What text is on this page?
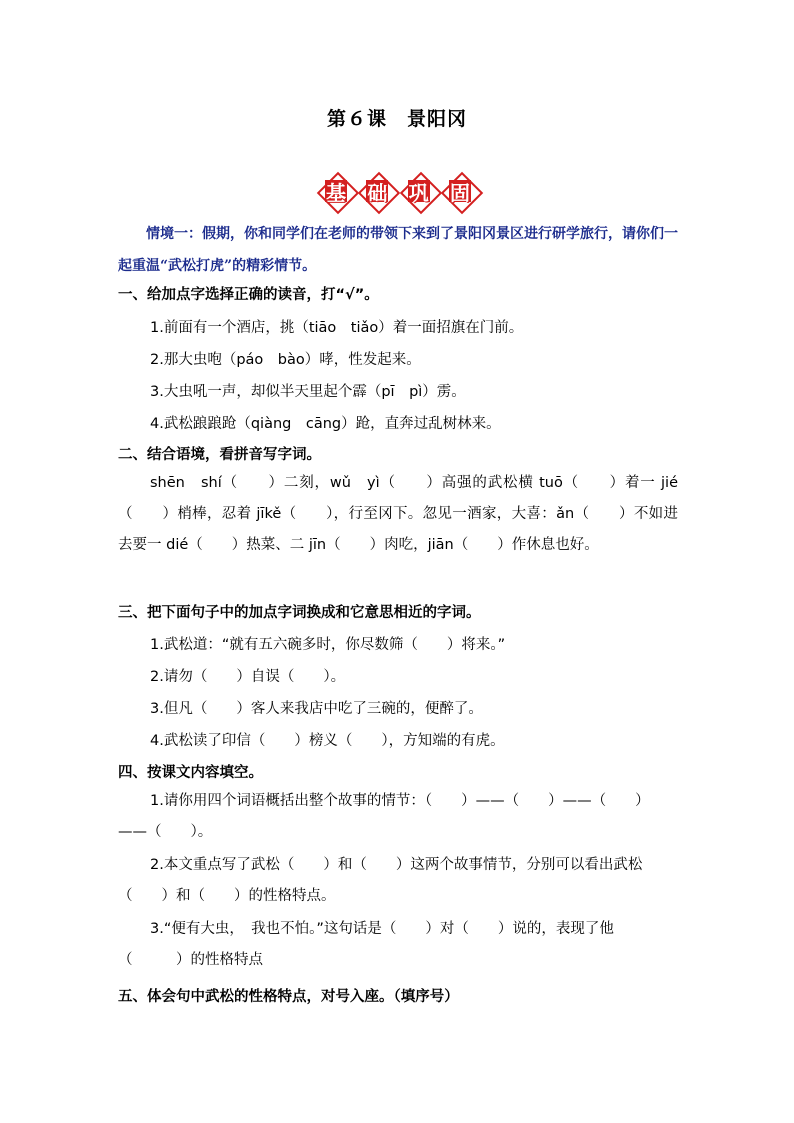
第６课　景阳冈
基 础 巩 固
情境一：假期，你和同学们在老师的带领下来到了景阳冈景区进行研学旅行，请你们一起重温“武松打虎”的精彩情节。
一、给加点字选择正确的读音，打“√”。
1.前面有一个酒店，挑（tiāo　tiǎo）着一面招旗在门前。
2.那大虫咆（páo　bào）哮，性发起来。
3.大虫吼一声，却似半天里起个霹（pī　pì）雳。
4.武松踉踉跄（qiàng　cāng）跄，直奔过乱树林来。
二、结合语境，看拼音写字词。
shēn　shí（　　）二刻，wǔ　yì（　　）高强的武松横 tuō（　　）着一 jié（　　）梢棒，忍着 jīkě（　　），行至冈下。忽见一酒家，大喜：ǎn（　　）不如进去要一 dié（　　）热菜、二 jīn（　　）肉吃，jiān（　　）作休息也好。
三、把下面句子中的加点字词换成和它意思相近的字词。
1.武松道：“就有五六碗多时，你尽数筛（　　）将来。”
2.请勿（　　）自误（　　）。
3.但凡（　　）客人来我店中吃了三碗的，便醉了。
4.武松读了印信（　　）榜义（　　），方知端的有虎。
四、按课文内容填空。
1.请你用四个词语概括出整个故事的情节：（　　）——（　　）——（　　）——（　　）。
2.本文重点写了武松（　　）和（　　）这两个故事情节，分别可以看出武松（　　）和（　　）的性格特点。
3.“便有大虫，　我也不怕。”这句话是（　　）对（　　）说的，表现了他（　　　）的性格特点
五、体会句中武松的性格特点，对号入座。（填序号）
